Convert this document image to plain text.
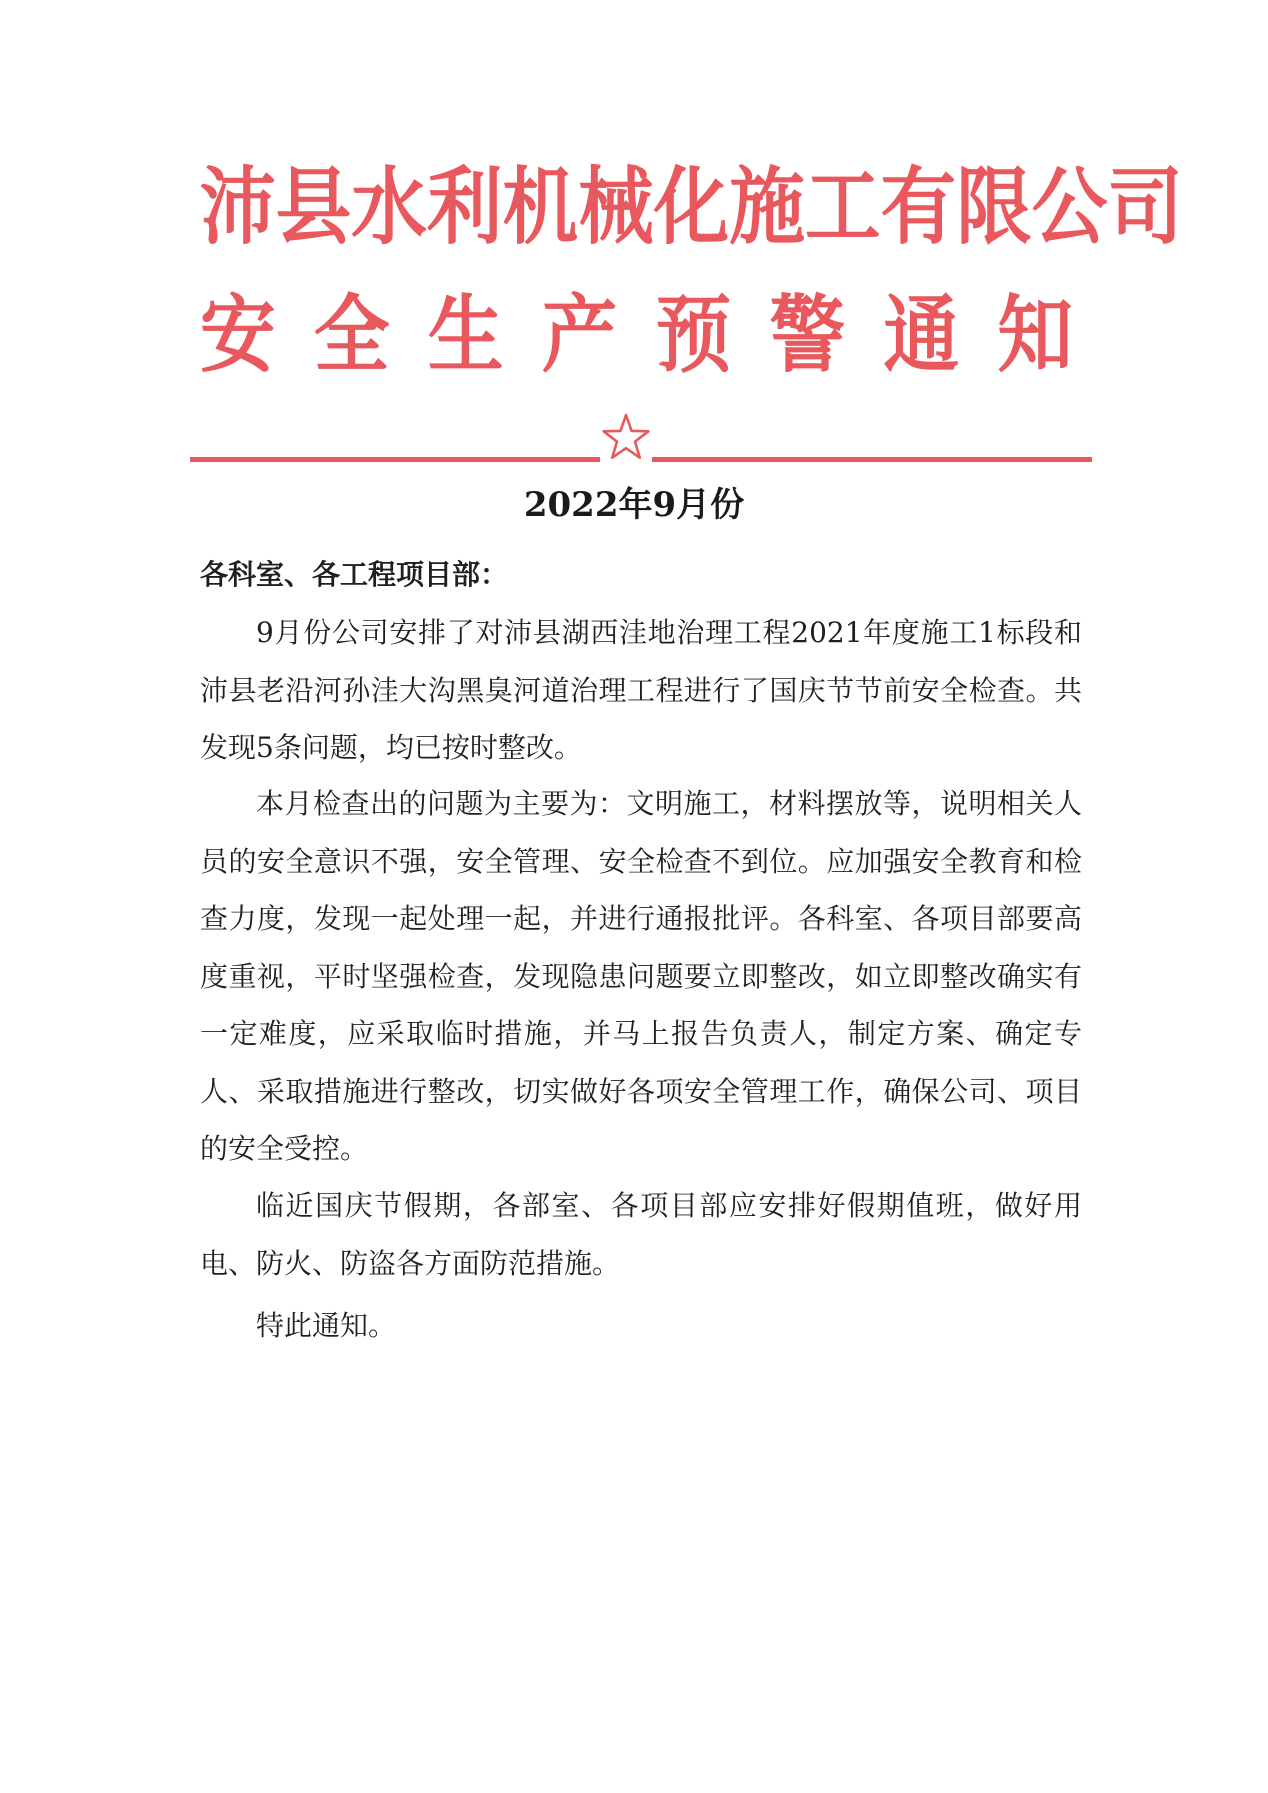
沛 县 水 利 机 械 化 施 工 有 限 公 司
安 全 生 产 预 警 通 知
2022年9月份
各科室、各工程项目部：

9月份公司安排了对沛县湖西洼地治理工程2021年度施工1标段和沛县老沿河孙洼大沟黑臭河道治理工程进行了国庆节节前安全检查。共发现5条问题，均已按时整改。

本月检查出的问题为主要为：文明施工，材料摆放等，说明相关人员的安全意识不强，安全管理、安全检查不到位。应加强安全教育和检查力度，发现一起处理一起，并进行通报批评。各科室、各项目部要高度重视，平时坚强检查，发现隐患问题要立即整改，如立即整改确实有一定难度，应采取临时措施，并马上报告负责人，制定方案、确定专人、采取措施进行整改，切实做好各项安全管理工作，确保公司、项目的安全受控。

临近国庆节假期，各部室、各项目部应安排好假期值班，做好用电、防火、防盗各方面防范措施。

特此通知。
